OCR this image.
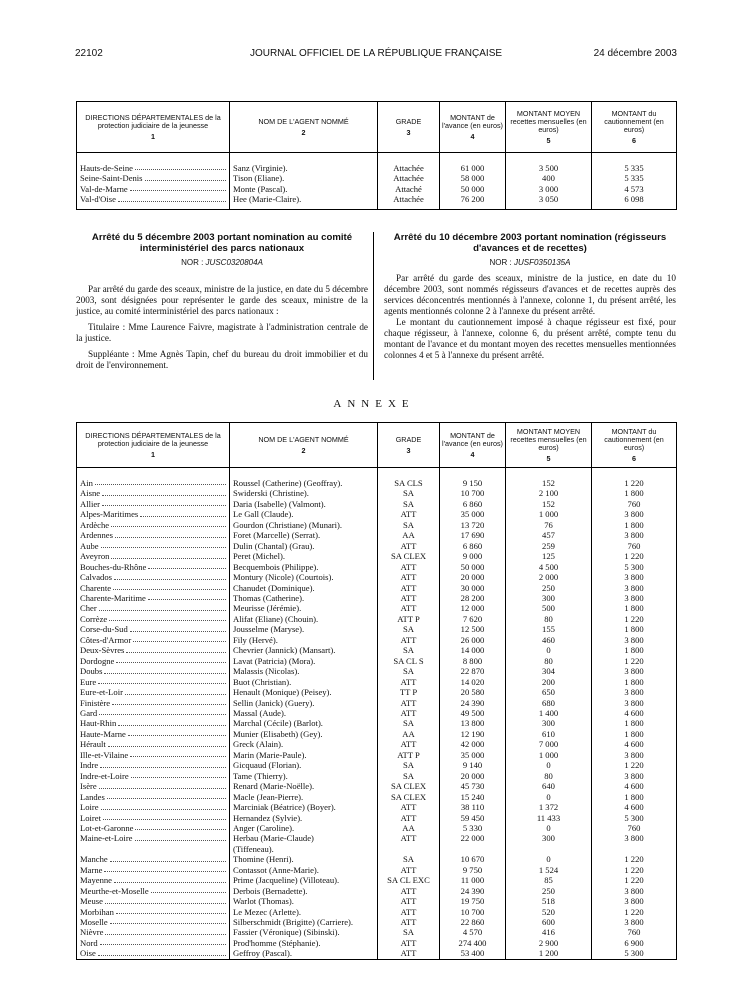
22102	JOURNAL OFFICIEL DE LA RÉPUBLIQUE FRANÇAISE	24 décembre 2003
DIRECTIONS DÉPARTEMENTALES de la protection judiciaire de la jeunesse
1	NOM DE L'AGENT NOMMÉ
2	GRADE
3	MONTANT de l'avance (en euros)
4	MONTANT MOYEN recettes mensuelles (en euros)
5	MONTANT du cautionnement (en euros)
6

Hauts-de-Seine	Sanz (Virginie).	Attachée	61 000	3 500	5 335

Seine-Saint-Denis	Tison (Eliane).	Attachée	58 000	400	5 335

Val-de-Marne	Monte (Pascal).	Attaché	50 000	3 000	4 573

Val-d'Oise	Hee (Marie-Claire).	Attachée	76 200	3 050	6 098

Arrêté du 5 décembre 2003 portant nomination au comité interministériel des parcs nationaux
NOR : JUSC0320804A

Par arrêté du garde des sceaux, ministre de la justice, en date du 5 décembre 2003, sont désignées pour représenter le garde des sceaux, ministre de la justice, au comité interministériel des parcs nationaux :

Titulaire : Mme Laurence Faivre, magistrate à l'administration centrale de la justice.

Suppléante : Mme Agnès Tapin, chef du bureau du droit immobilier et du droit de l'environnement.

Arrêté du 10 décembre 2003 portant nomination (régisseurs d'avances et de recettes)
NOR : JUSF0350135A

Par arrêté du garde des sceaux, ministre de la justice, en date du 10 décembre 2003, sont nommés régisseurs d'avances et de recettes auprès des services déconcentrés mentionnés à l'annexe, colonne 1, du présent arrêté, les agents mentionnés colonne 2 à l'annexe du présent arrêté.

Le montant du cautionnement imposé à chaque régisseur est fixé, pour chaque régisseur, à l'annexe, colonne 6, du présent arrêté, compte tenu du montant de l'avance et du montant moyen des recettes mensuelles mentionnées colonnes 4 et 5 à l'annexe du présent arrêté.

ANNEXE
DIRECTIONS DÉPARTEMENTALES de la protection judiciaire de la jeunesse
1	NOM DE L'AGENT NOMMÉ
2	GRADE
3	MONTANT de l'avance (en euros)
4	MONTANT MOYEN recettes mensuelles (en euros)
5	MONTANT du cautionnement (en euros)
6

Ain	Roussel (Catherine) (Geoffray).	SA CLS	9 150	152	1 220

Aisne	Swiderski (Christine).	SA	10 700	2 100	1 800

Allier	Daria (Isabelle) (Valmont).	SA	6 860	152	760

Alpes-Maritimes	Le Gall (Claude).	ATT	35 000	1 000	3 800

Ardèche	Gourdon (Christiane) (Munari).	SA	13 720	76	1 800

Ardennes	Foret (Marcelle) (Serrat).	AA	17 690	457	3 800

Aube	Dulin (Chantal) (Grau).	ATT	6 860	259	760

Aveyron	Peret (Michel).	SA CLEX	9 000	125	1 220

Bouches-du-Rhône	Becquembois (Philippe).	ATT	50 000	4 500	5 300

Calvados	Montury (Nicole) (Courtois).	ATT	20 000	2 000	3 800

Charente	Chanudet (Dominique).	ATT	30 000	250	3 800

Charente-Maritime	Thomas (Catherine).	ATT	28 200	300	3 800

Cher	Meurisse (Jérémie).	ATT	12 000	500	1 800

Corrèze	Alifat (Eliane) (Chouin).	ATT P	7 620	80	1 220

Corse-du-Sud	Jousselme (Maryse).	SA	12 500	155	1 800

Côtes-d'Armor	Fily (Hervé).	ATT	26 000	460	3 800

Deux-Sèvres	Chevrier (Jannick) (Mansart).	SA	14 000	0	1 800

Dordogne	Lavat (Patricia) (Mora).	SA CL S	8 800	80	1 220

Doubs	Malassis (Nicolas).	SA	22 870	304	3 800

Eure	Buot (Christian).	ATT	14 020	200	1 800

Eure-et-Loir	Henault (Monique) (Peisey).	TT P	20 580	650	3 800

Finistère	Sellin (Janick) (Guery).	ATT	24 390	680	3 800

Gard	Massal (Aude).	ATT	49 500	1 400	4 600

Haut-Rhin	Marchal (Cécile) (Barlot).	SA	13 800	300	1 800

Haute-Marne	Munier (Elisabeth) (Gey).	AA	12 190	610	1 800

Hérault	Greck (Alain).	ATT	42 000	7 000	4 600

Ille-et-Vilaine	Marin (Marie-Paule).	ATT P	35 000	1 000	3 800

Indre	Gicquaud (Florian).	SA	9 140	0	1 220

Indre-et-Loire	Tame (Thierry).	SA	20 000	80	3 800

Isère	Renard (Marie-Noëlle).	SA CLEX	45 730	640	4 600

Landes	Macle (Jean-Pierre).	SA CLEX	15 240	0	1 800

Loire	Marciniak (Béatrice) (Boyer).	ATT	38 110	1 372	4 600

Loiret	Hernandez (Sylvie).	ATT	59 450	11 433	5 300

Lot-et-Garonne	Anger (Caroline).	AA	5 330	0	760

Maine-et-Loire	Herbau (Marie-Claude)	ATT	22 000	300	3 800
	(Tiffeneau).				

Manche	Thomine (Henri).	SA	10 670	0	1 220

Marne	Contassot (Anne-Marie).	ATT	9 750	1 524	1 220

Mayenne	Prime (Jacqueline) (Villoteau).	SA CL EXC	11 000	85	1 220

Meurthe-et-Moselle	Derbois (Bernadette).	ATT	24 390	250	3 800

Meuse	Warlot (Thomas).	ATT	19 750	518	3 800

Morbihan	Le Mezec (Arlette).	ATT	10 700	520	1 220

Moselle	Silberschmidt (Brigitte) (Carriere).	ATT	22 860	600	3 800

Nièvre	Fassier (Véronique) (Sibinski).	SA	4 570	416	760

Nord	Prod'homme (Stéphanie).	ATT	274 400	2 900	6 900

Oise	Geffroy (Pascal).	ATT	53 400	1 200	5 300
